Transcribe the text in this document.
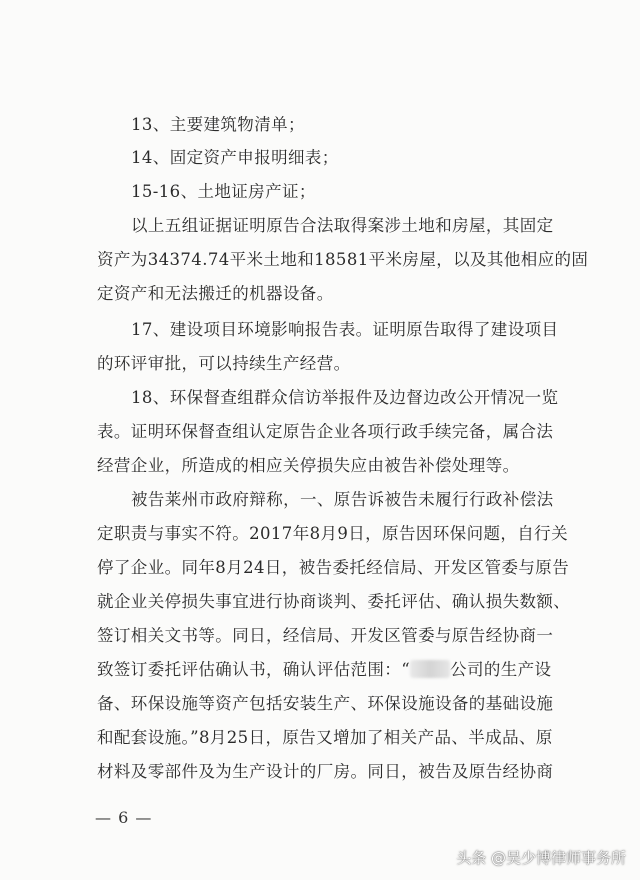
13、主要建筑物清单；
14、固定资产申报明细表；
15-16、土地证房产证；
以上五组证据证明原告合法取得案涉土地和房屋，其固定
资产为34374.74平米土地和18581平米房屋，以及其他相应的固
定资产和无法搬迁的机器设备。
17、建设项目环境影响报告表。证明原告取得了建设项目
的环评审批，可以持续生产经营。
18、环保督查组群众信访举报件及边督边改公开情况一览
表。证明环保督查组认定原告企业各项行政手续完备，属合法
经营企业，所造成的相应关停损失应由被告补偿处理等。
被告莱州市政府辩称，一、原告诉被告未履行行政补偿法
定职责与事实不符。2017年8月9日，原告因环保问题，自行关
停了企业。同年8月24日，被告委托经信局、开发区管委与原告
就企业关停损失事宜进行协商谈判、委托评估、确认损失数额、
签订相关文书等。同日，经信局、开发区管委与原告经协商一
致签订委托评估确认书，确认评估范围：“ 公司的生产设
备、环保设施等资产包括安装生产、环保设施设备的基础设施
和配套设施。”8月25日，原告又增加了相关产品、半成品、原
材料及零部件及为生产设计的厂房。同日，被告及原告经协商
— 6 —
头条 @吴少博律师事务所
